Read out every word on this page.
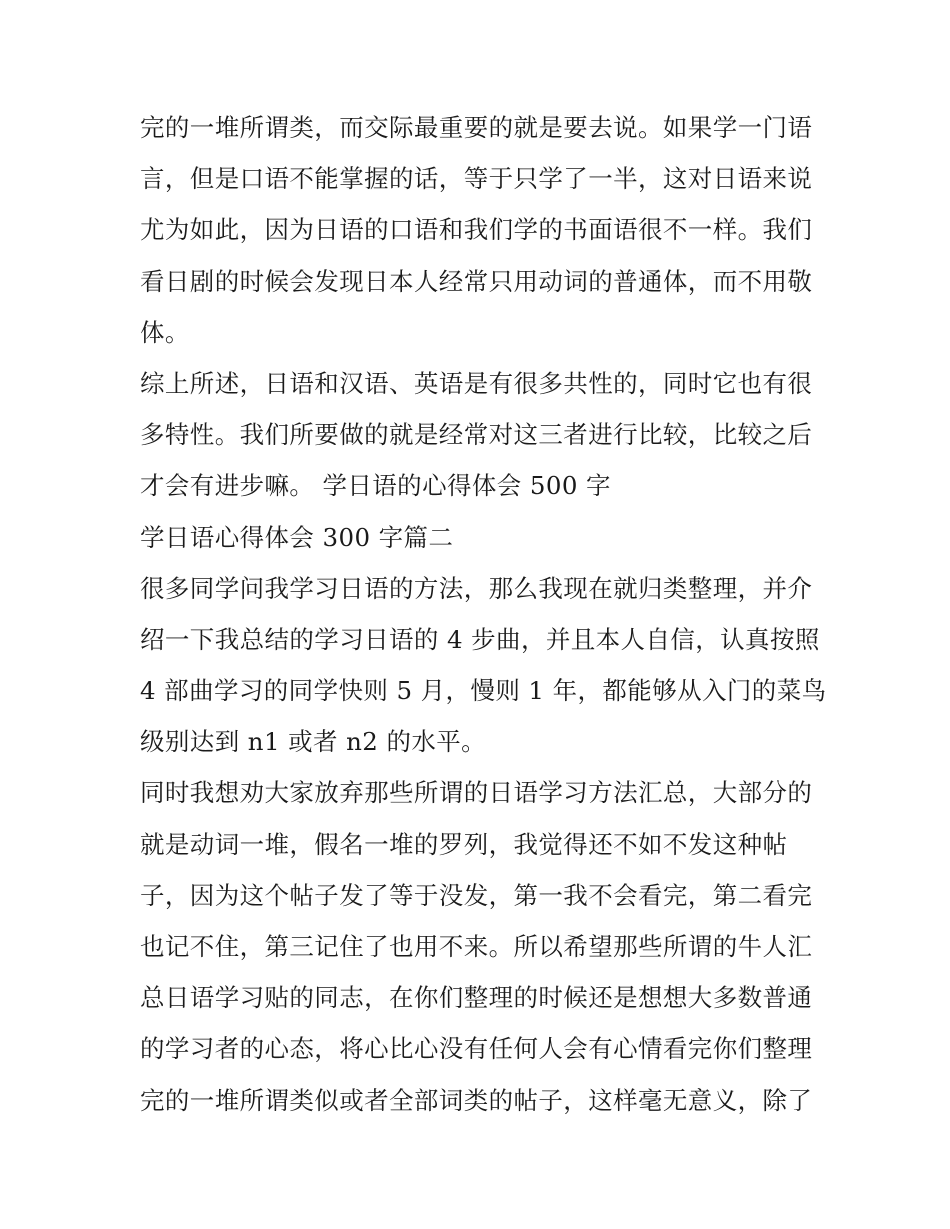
完的一堆所谓类，而交际最重要的就是要去说。如果学一门语
言，但是口语不能掌握的话，等于只学了一半，这对日语来说
尤为如此，因为日语的口语和我们学的书面语很不一样。我们
看日剧的时候会发现日本人经常只用动词的普通体，而不用敬
体。
综上所述，日语和汉语、英语是有很多共性的，同时它也有很
多特性。我们所要做的就是经常对这三者进行比较，比较之后
才会有进步嘛。 学日语的心得体会 500 字
学日语心得体会 300 字篇二
很多同学问我学习日语的方法，那么我现在就归类整理，并介
绍一下我总结的学习日语的 4 步曲，并且本人自信，认真按照
4 部曲学习的同学快则 5 月，慢则 1 年，都能够从入门的菜鸟
级别达到 n1 或者 n2 的水平。
同时我想劝大家放弃那些所谓的日语学习方法汇总，大部分的
就是动词一堆，假名一堆的罗列，我觉得还不如不发这种帖
子，因为这个帖子发了等于没发，第一我不会看完，第二看完
也记不住，第三记住了也用不来。所以希望那些所谓的牛人汇
总日语学习贴的同志，在你们整理的时候还是想想大多数普通
的学习者的心态，将心比心没有任何人会有心情看完你们整理
完的一堆所谓类似或者全部词类的帖子，这样毫无意义，除了
